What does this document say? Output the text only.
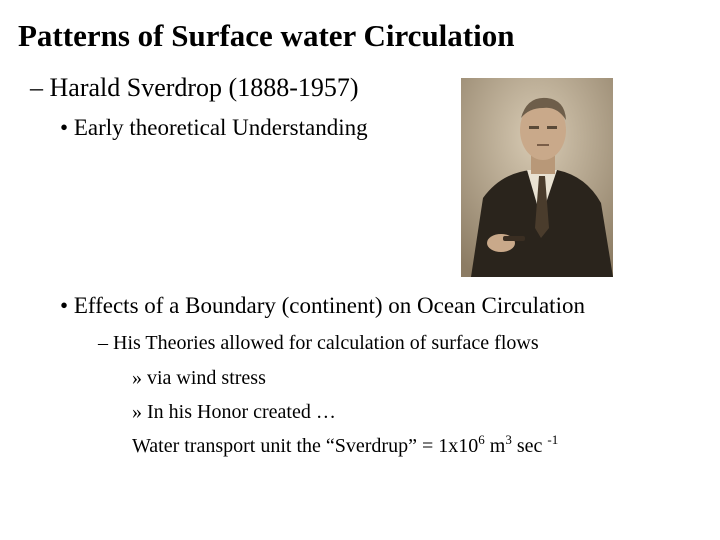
Patterns of Surface water Circulation
– Harald Sverdrop (1888-1957)
• Early theoretical Understanding
• Effects of a Boundary (continent) on Ocean Circulation
– His Theories allowed for calculation of surface flows
» via wind stress
» In his Honor created …
Water transport unit the “Sverdrup” = $1x10^6$ $m^3$ sec $^{-1}$
